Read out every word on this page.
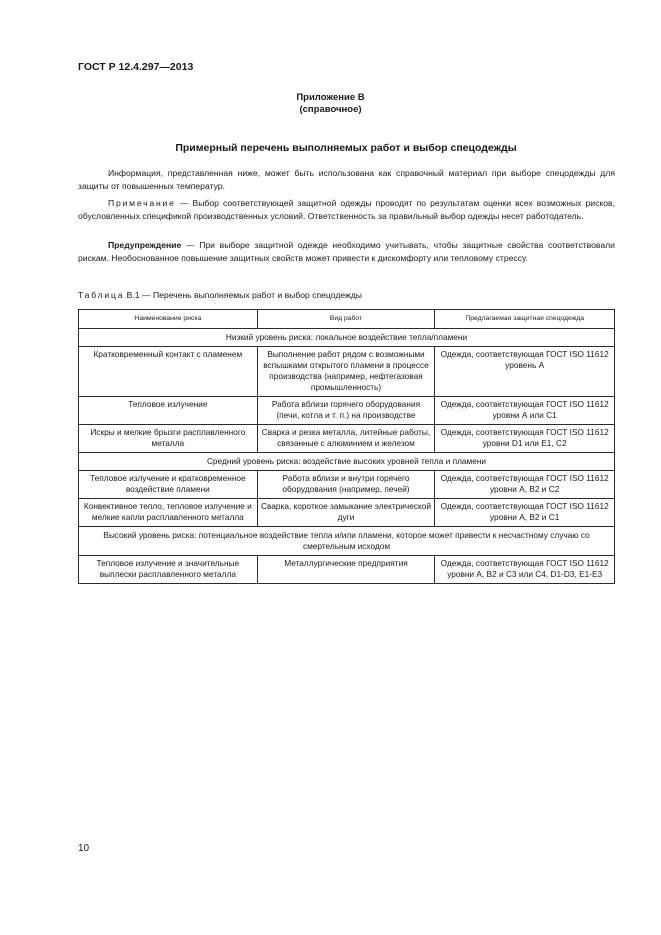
ГОСТ Р 12.4.297—2013
Приложение В
(справочное)
Примерный перечень выполняемых работ и выбор спецодежды
Информация, представленная ниже, может быть использована как справочный материал при выборе спецодежды для защиты от повышенных температур.
Примечание — Выбор соответствующей защитной одежды проводят по результатам оценки всех возможных рисков, обусловленных спецификой производственных условий. Ответственность за правильный выбор одежды несет работодатель.
Предупреждение — При выборе защитной одежде необходимо учитывать, чтобы защитные свойства соответствовали рискам. Необоснованное повышение защитных свойств может привести к дискомфорту или тепловому стрессу.
Таблица В.1 — Перечень выполняемых работ и выбор спецодежды
Наименование риска	Вид работ	Предлагаемая защитная спецодежда
Низкий уровень риска: локальное воздействие тепла/пламени		
Кратковременный контакт с пламенем	Выполнение работ рядом с возможными вспышками открытого пламени в процессе производства (например, нефтегазовая промышленность)	Одежда, соответствующая ГОСТ ISO 11612 уровень А
Тепловое излучение	Работа вблизи горячего оборудования (печи, котла и т. п.) на производстве	Одежда, соответствующая ГОСТ ISO 11612 уровни А или С1
Искры и мелкие брызги расплавленного металла	Сварка и резка металла, литейные работы, связанные с алюминием и железом	Одежда, соответствующая ГОСТ ISO 11612 уровни D1 или E1, C2
Средний уровень риска: воздействие высоких уровней тепла и пламени		
Тепловое излучение и кратковременное воздействие пламени	Работа вблизи и внутри горячего оборудования (например, печей)	Одежда, соответствующая ГОСТ ISO 11612 уровни А, В2 и С2
Конвективное тепло, тепловое излучение и мелкие капли расплавленного металла	Сварка, короткое замыкание электрической дуги	Одежда, соответствующая ГОСТ ISO 11612 уровни А, В2 и С1
Высокий уровень риска: потенциальное воздействие тепла и/или пламени, которое может привести к несчастному случаю со смертельным исходом		
Тепловое излучение и значительные выплески расплавленного металла	Металлургические предприятия	Одежда, соответствующая ГОСТ ISO 11612 уровни А, В2 и С3 или С4, D1-D3, E1-E3
10
